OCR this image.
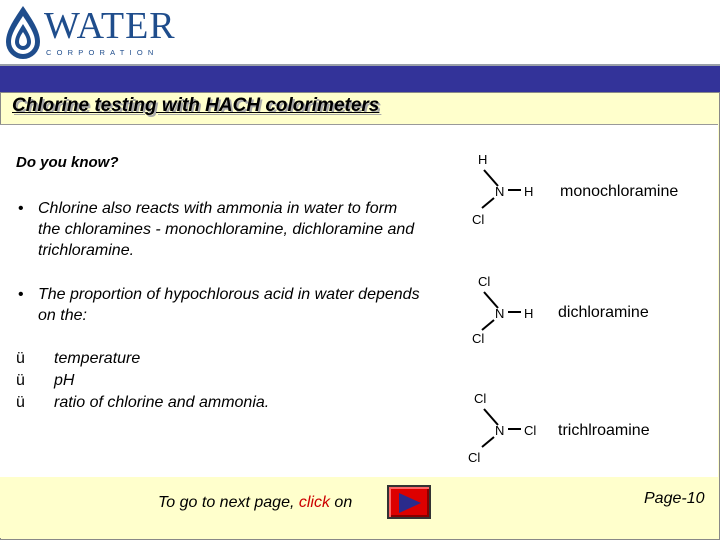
WATER
CORPORATION
Chlorine testing with HACH colorimeters
Do you know?
• Chlorine also reacts with ammonia in water to form the chloramines - monochloramine, dichloramine and trichloramine.
• The proportion of hypochlorous acid in water depends on the:
ü temperature
ü pH
ü ratio of chlorine and ammonia.
H
N H
Cl
monochloramine
Cl
N H
Cl
dichloramine
Cl
N Cl
Cl
trichlroamine
To go to next page, click on	Page-10
